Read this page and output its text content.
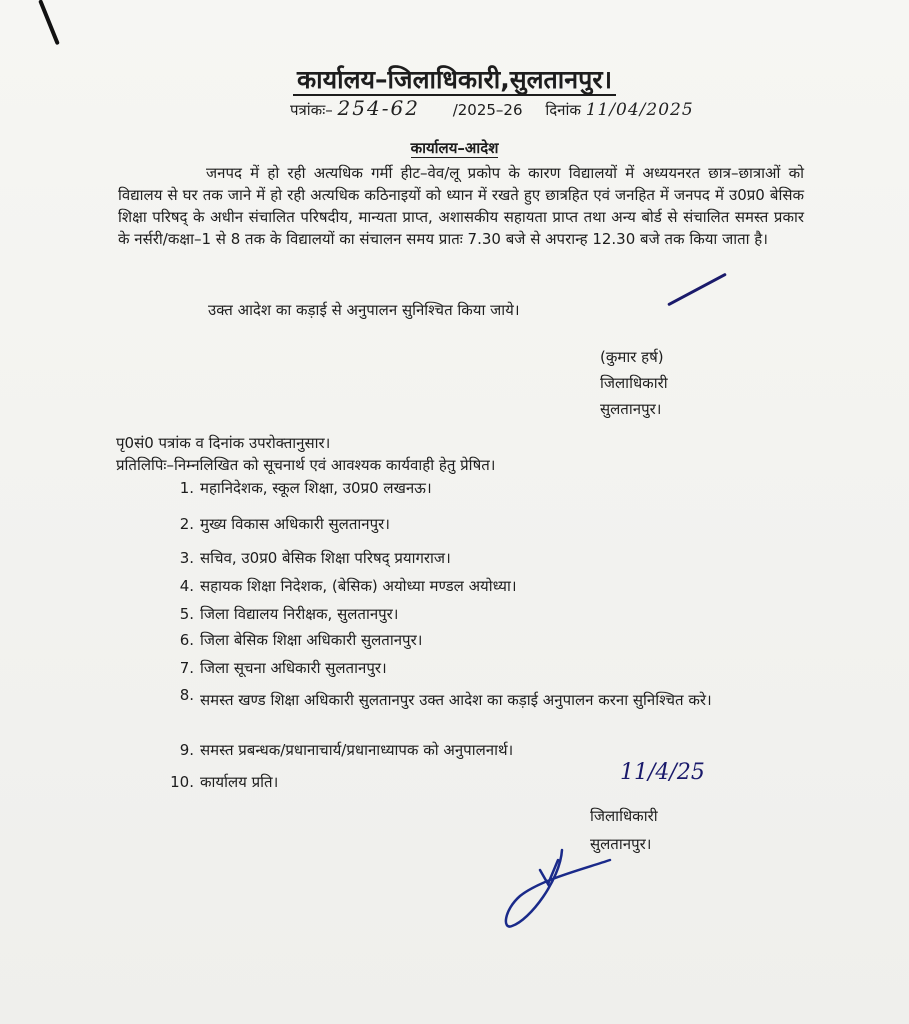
कार्यालय–जिलाधिकारी,सुलतानपुर।
पत्रांकः– 254-62 /2025–26 दिनांक 11/04/2025
कार्यालय–आदेश

जनपद में हो रही अत्यधिक गर्मी हीट–वेव/लू प्रकोप के कारण विद्यालयों में अध्ययनरत छात्र–छात्राओं को विद्यालय से घर तक जाने में हो रही अत्यधिक कठिनाइयों को ध्यान में रखते हुए छात्रहित एवं जनहित में जनपद में उ0प्र0 बेसिक शिक्षा परिषद् के अधीन संचालित परिषदीय, मान्यता प्राप्त, अशासकीय सहायता प्राप्त तथा अन्य बोर्ड से संचालित समस्त प्रकार के नर्सरी/कक्षा–1 से 8 तक के विद्यालयों का संचालन समय प्रातः 7.30 बजे से अपरान्ह 12.30 बजे तक किया जाता है।

उक्त आदेश का कड़ाई से अनुपालन सुनिश्चित किया जाये।
(कुमार हर्ष)
जिलाधिकारी
सुलतानपुर।
पृ0सं0 पत्रांक व दिनांक उपरोक्तानुसार।
प्रतिलिपिः–निम्नलिखित को सूचनार्थ एवं आवश्यक कार्यवाही हेतु प्रेषित।
1. महानिदेशक, स्कूल शिक्षा, उ0प्र0 लखनऊ।
2. मुख्य विकास अधिकारी सुलतानपुर।
3. सचिव, उ0प्र0 बेसिक शिक्षा परिषद् प्रयागराज।
4. सहायक शिक्षा निदेशक, (बेसिक) अयोध्या मण्डल अयोध्या।
5. जिला विद्यालय निरीक्षक, सुलतानपुर।
6. जिला बेसिक शिक्षा अधिकारी सुलतानपुर।
7. जिला सूचना अधिकारी सुलतानपुर।
8. समस्त खण्ड शिक्षा अधिकारी सुलतानपुर उक्त आदेश का कड़ाई अनुपालन करना सुनिश्चित करे।
9. समस्त प्रबन्धक/प्रधानाचार्य/प्रधानाध्यापक को अनुपालनार्थ।
10. कार्यालय प्रति।	11/4/25
जिलाधिकारी
सुलतानपुर।
